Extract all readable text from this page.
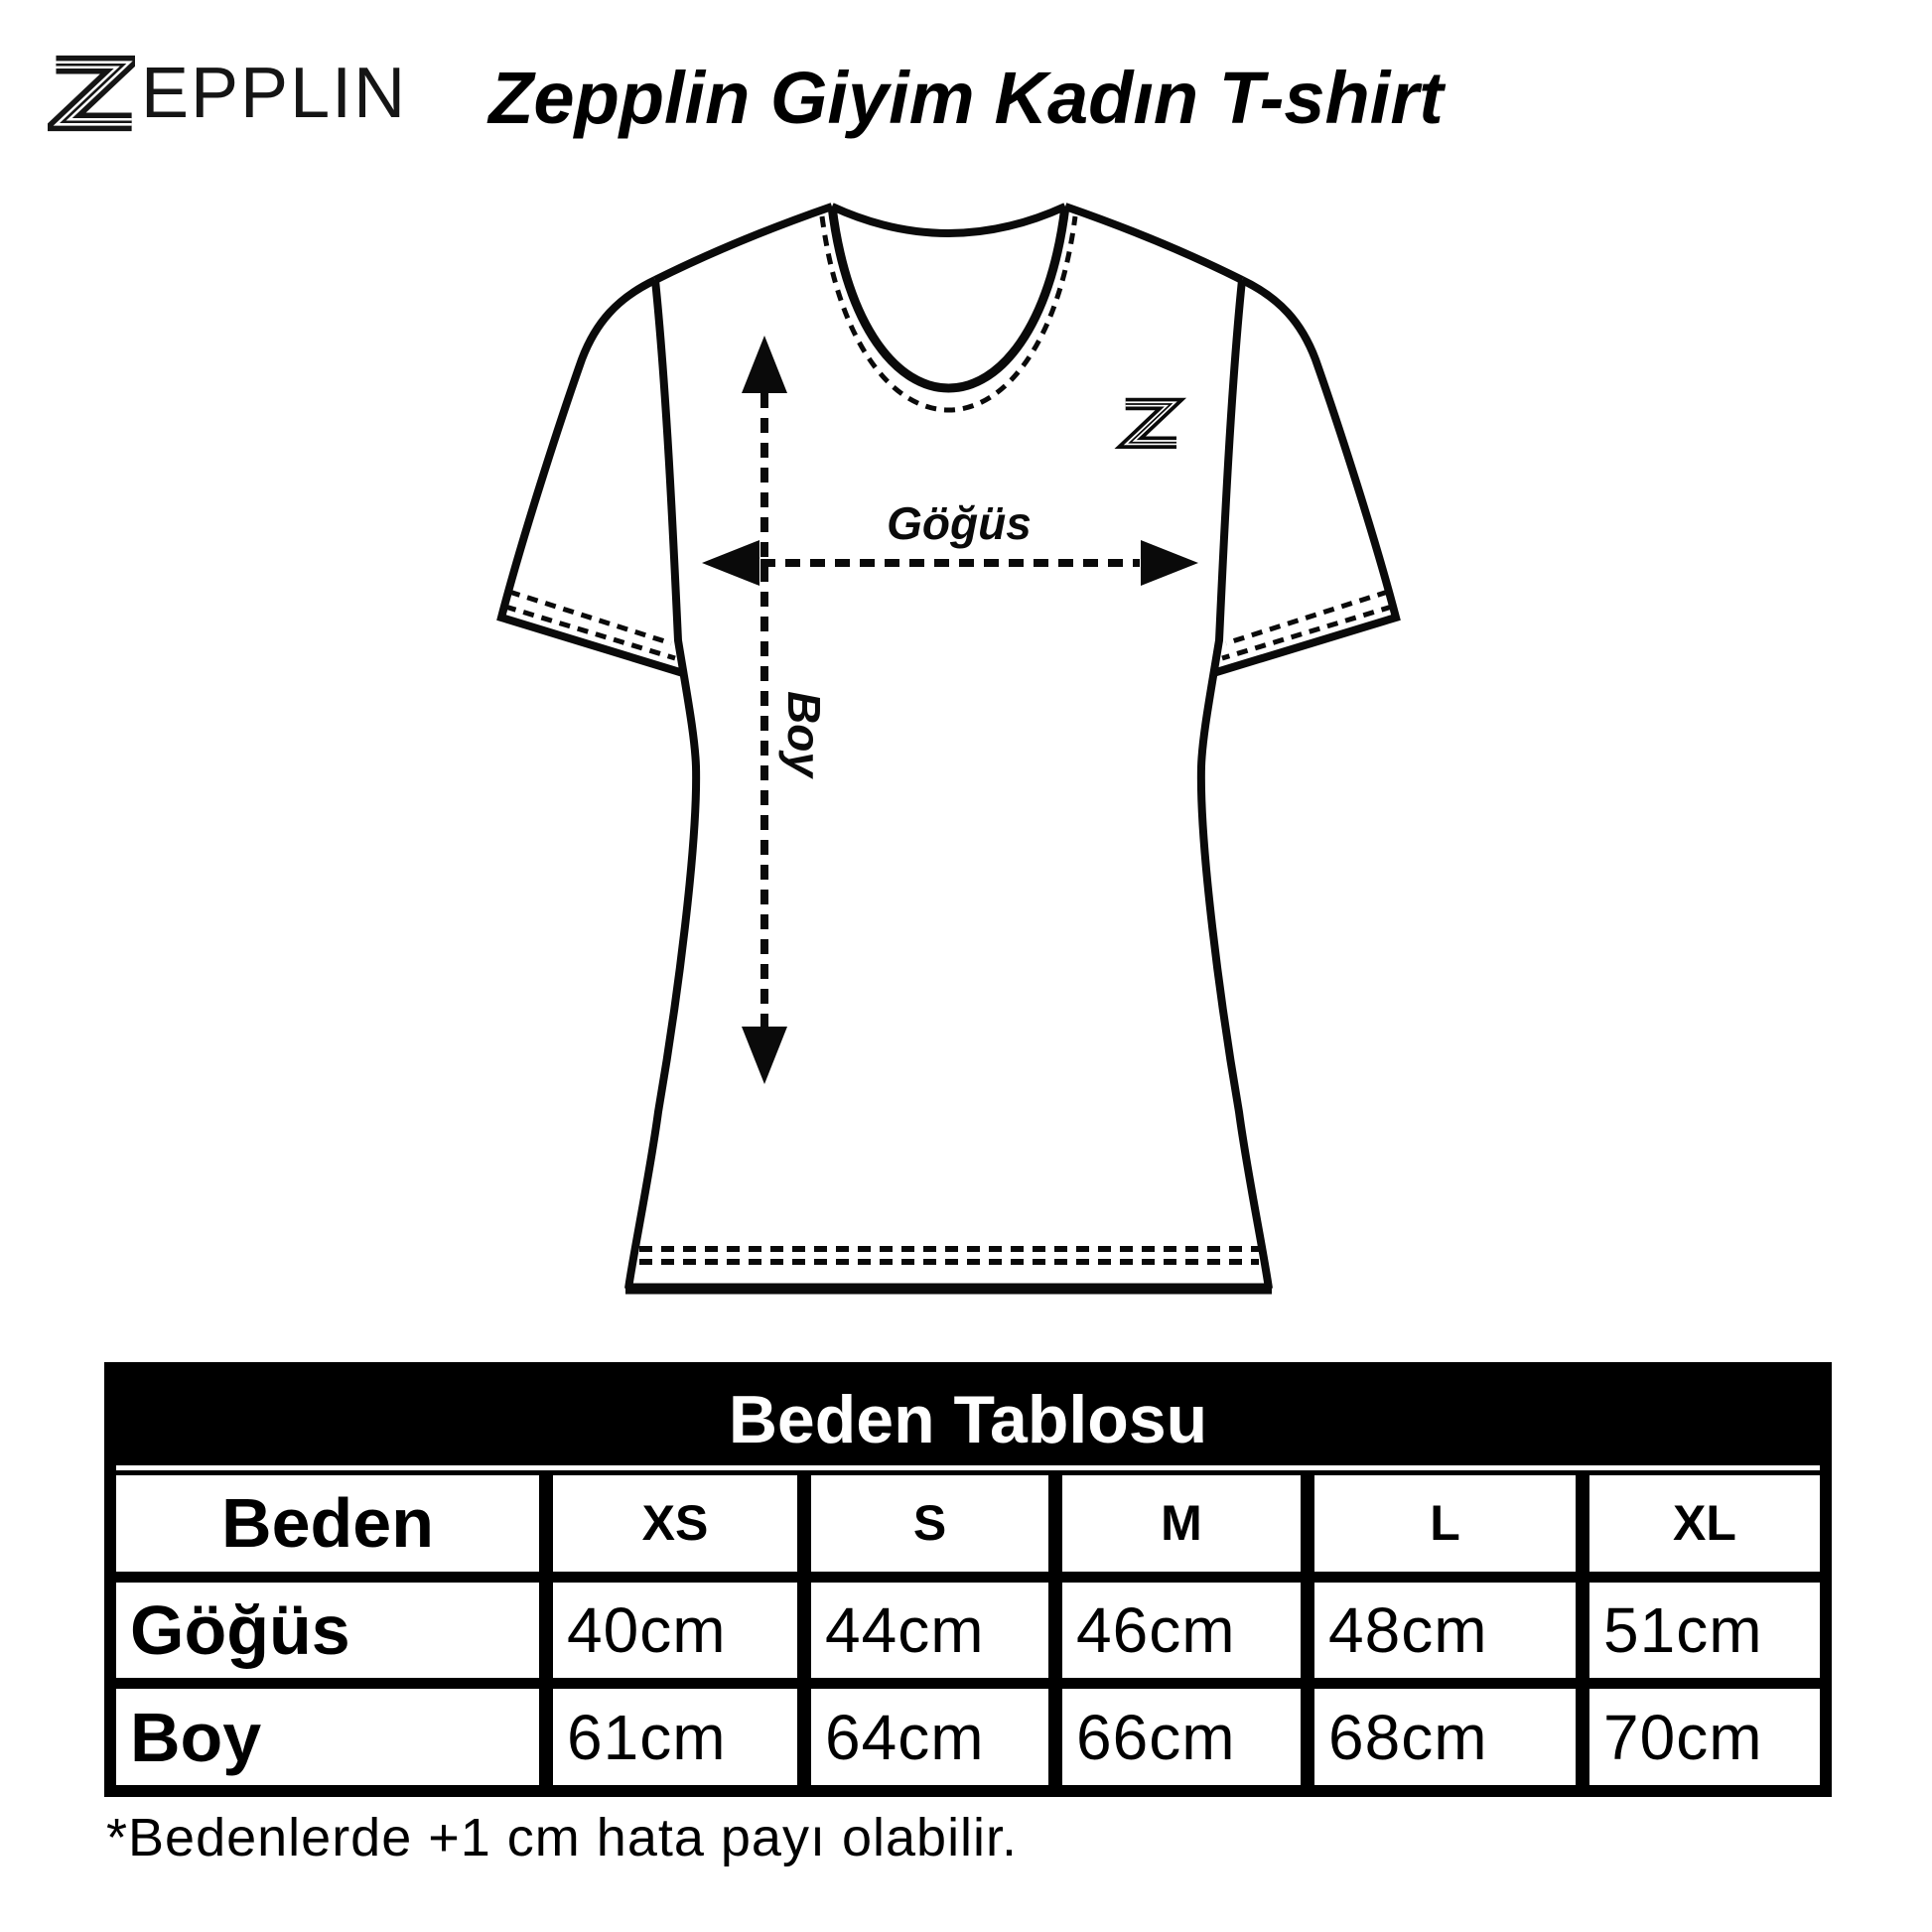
EPPLIN	Zepplin Giyim Kadın T-shirt
Göğüs
Boy
Beden Tablosu
Beden	XS	S	M	L	XL
Göğüs	40cm	44cm	46cm	48cm	51cm
Boy	61cm	64cm	66cm	68cm	70cm

*Bedenlerde +1 cm hata payı olabilir.
